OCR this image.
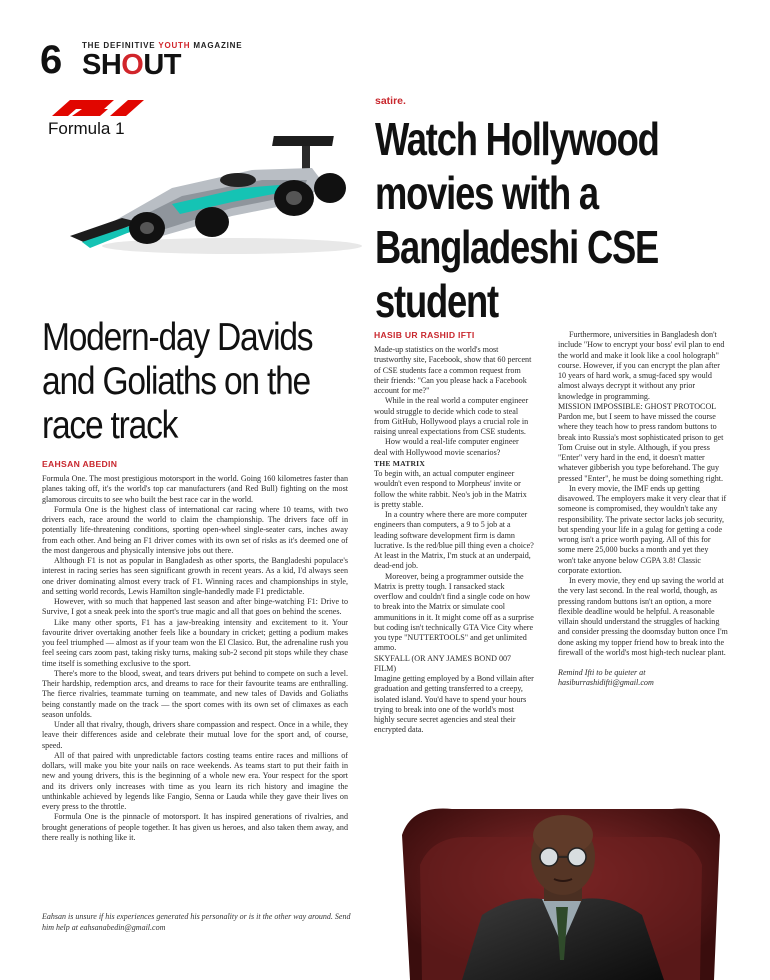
6 THE DEFINITIVE YOUTH MAGAZINE
SHOUT
Formula 1
Modern-day Davids and Goliaths on the race track
EAHSAN ABEDIN

Formula One. The most prestigious motorsport in the world. Going 160 kilometres faster than planes taking off, it's the world's top car manufacturers (and Red Bull) fighting on the most glamorous circuits to see who built the best race car in the world.

Formula One is the highest class of international car racing where 10 teams, with two drivers each, race around the world to claim the championship. The drivers face off in potentially life-threatening conditions, sporting open-wheel single-seater cars, inches away from each other. And being an F1 driver comes with its own set of risks as it's deemed one of the most dangerous and physically intensive jobs out there.

Although F1 is not as popular in Bangladesh as other sports, the Bangladeshi populace's interest in racing series has seen significant growth in recent years. As a kid, I'd always seen one driver dominating almost every track of F1. Winning races and championships in style, and setting world records, Lewis Hamilton single-handedly made F1 predictable.

However, with so much that happened last season and after binge-watching F1: Drive to Survive, I got a sneak peek into the sport's true magic and all that goes on behind the scenes.

Like many other sports, F1 has a jaw-breaking intensity and excitement to it. Your favourite driver overtaking another feels like a boundary in cricket; getting a podium makes you feel triumphed — almost as if your team won the El Clasico. But, the adrenaline rush you feel seeing cars zoom past, taking risky turns, making sub-2 second pit stops while they chase time itself is something exclusive to the sport.

There's more to the blood, sweat, and tears drivers put behind to compete on such a level. Their hardship, redemption arcs, and dreams to race for their favourite teams are enthralling. The fierce rivalries, teammate turning on teammate, and new tales of Davids and Goliaths being constantly made on the track — the sport comes with its own set of climaxes as each season unfolds.

Under all that rivalry, though, drivers share compassion and respect. Once in a while, they leave their differences aside and celebrate their mutual love for the sport and, of course, speed.

All of that paired with unpredictable factors costing teams entire races and millions of dollars, will make you bite your nails on race weekends. As teams start to put their faith in new and young drivers, this is the beginning of a whole new era. Your respect for the sport and its drivers only increases with time as you learn its rich history and imagine the unthinkable achieved by legends like Fangio, Senna or Lauda while they gave their lives on every press to the throttle.

Formula One is the pinnacle of motorsport. It has inspired generations of rivalries, and brought generations of people together. It has given us heroes, and also taken them away, and there really is nothing like it.

Eahsan is unsure if his experiences generated his personality or is it the other way around. Send him help at eahsanabedin@gmail.com
satire.
Watch Hollywood movies with a Bangladeshi CSE student
HASIB UR RASHID IFTI

Made-up statistics on the world's most trustworthy site, Facebook, show that 60 percent of CSE students face a common request from their friends: "Can you please hack a Facebook account for me?"

While in the real world a computer engineer would struggle to decide which code to steal from GitHub, Hollywood plays a crucial role in raising unreal expectations from CSE students.

How would a real-life computer engineer deal with Hollywood movie scenarios?

THE MATRIX

To begin with, an actual computer engineer wouldn't even respond to Morpheus' invite or follow the white rabbit. Neo's job in the Matrix is pretty stable.

In a country where there are more computer engineers than computers, a 9 to 5 job at a leading software development firm is damn lucrative. Is the red/blue pill thing even a choice? At least in the Matrix, I'm stuck at an underpaid, dead-end job.

Moreover, being a programmer outside the Matrix is pretty tough. I ransacked stack overflow and couldn't find a single code on how to break into the Matrix or simulate cool ammunitions in it. It might come off as a surprise but coding isn't technically GTA Vice City where you type "NUTTERTOOLS" and get unlimited ammo.

SKYFALL (OR ANY JAMES BOND 007 FILM)

Imagine getting employed by a Bond villain after graduation and getting transferred to a creepy, isolated island. You'd have to spend your hours trying to break into one of the world's most highly secure secret agencies and steal their encrypted data.

Furthermore, universities in Bangladesh don't include "How to encrypt your boss' evil plan to end the world and make it look like a cool holograph" course. However, if you can encrypt the plan after 10 years of hard work, a smug-faced spy would almost always decrypt it without any prior knowledge in programming.

MISSION IMPOSSIBLE: GHOST PROTOCOL

Pardon me, but I seem to have missed the course where they teach how to press random buttons to break into Russia's most sophisticated prison to get Tom Cruise out in style. Although, if you press "Enter" very hard in the end, it doesn't matter whatever gibberish you type beforehand. The guy pressed "Enter", he must be doing something right.

In every movie, the IMF ends up getting disavowed. The employers make it very clear that if someone is compromised, they wouldn't take any responsibility. The private sector lacks job security, but spending your life in a gulag for getting a code wrong isn't a price worth paying. All of this for some mere 25,000 bucks a month and yet they won't take anyone below CGPA 3.8! Classic corporate extortion.

In every movie, they end up saving the world at the very last second. In the real world, though, as pressing random buttons isn't an option, a more flexible deadline would be helpful. A reasonable villain should understand the struggles of hacking and consider pressing the doomsday button once I'm done asking my topper friend how to break into the firewall of the world's most high-tech nuclear plant.

Remind Ifti to be quieter at hasiburrashidifti@gmail.com
